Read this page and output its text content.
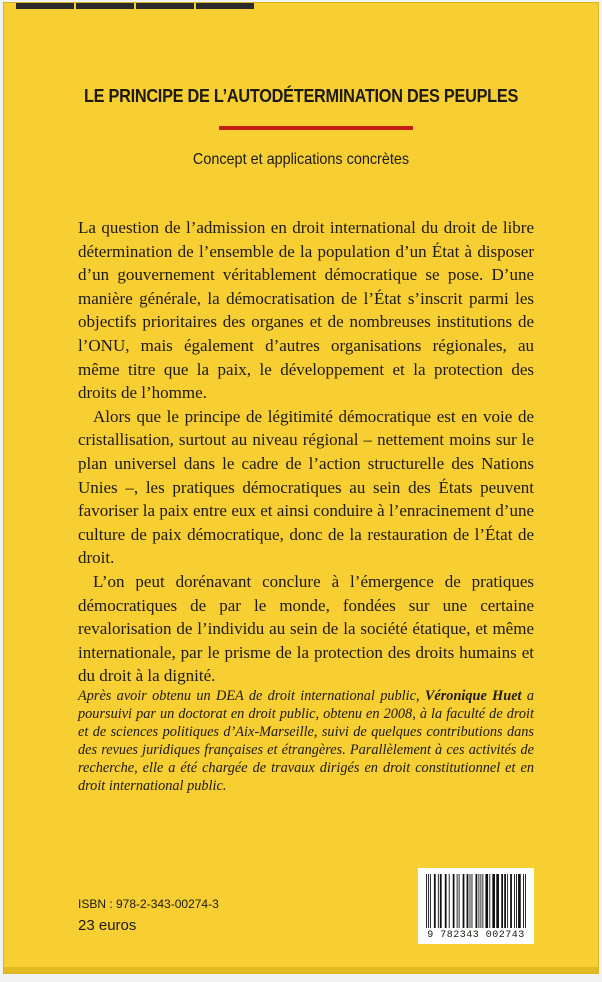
LE PRINCIPE DE L’AUTODÉTERMINATION DES PEUPLES
Concept et applications concrètes

La question de l’admission en droit international du droit de libre détermination de l’ensemble de la population d’un État à disposer d’un gouvernement véritablement démocratique se pose. D’une manière générale, la démocratisation de l’État s’inscrit parmi les objectifs prioritaires des organes et de nombreuses institutions de l’ONU, mais également d’autres organisations régionales, au même titre que la paix, le développement et la protection des droits de l’homme.

Alors que le principe de légitimité démocratique est en voie de cristallisation, surtout au niveau régional – nettement moins sur le plan universel dans le cadre de l’action structurelle des Nations Unies –, les pratiques démocratiques au sein des États peuvent favoriser la paix entre eux et ainsi conduire à l’enracinement d’une culture de paix démocratique, donc de la restauration de l’État de droit.

L’on peut dorénavant conclure à l’émergence de pratiques démocratiques de par le monde, fondées sur une certaine revalorisation de l’individu au sein de la société étatique, et même internationale, par le prisme de la protection des droits humains et du droit à la dignité.

Après avoir obtenu un DEA de droit international public, Véronique Huet a poursuivi par un doctorat en droit public, obtenu en 2008, à la faculté de droit et de sciences politiques d’Aix-Marseille, suivi de quelques contributions dans des revues juridiques françaises et étrangères. Parallèlement à ces activités de recherche, elle a été chargée de travaux dirigés en droit constitutionnel et en droit international public.

ISBN : 978-2-343-00274-3
23 euros
9 782343 002743
